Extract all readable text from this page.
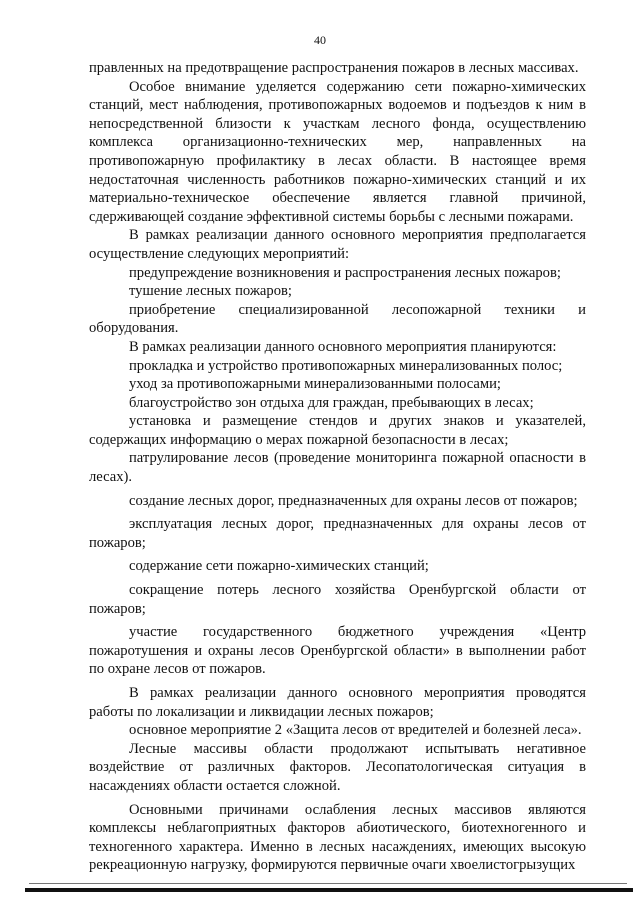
40

правленных на предотвращение распространения пожаров в лесных массивах.

Особое внимание уделяется содержанию сети пожарно-химических станций, мест наблюдения, противопожарных водоемов и подъездов к ним в непосредственной близости к участкам лесного фонда, осуществлению комплекса организационно-технических мер, направленных на противопожарную профилактику в лесах области. В настоящее время недостаточная численность работников пожарно-химических станций и их материально-техническое обеспечение является главной причиной, сдерживающей создание эффективной системы борьбы с лесными пожарами.

В рамках реализации данного основного мероприятия предполагается осуществление следующих мероприятий:

предупреждение возникновения и распространения лесных пожаров;

тушение лесных пожаров;

приобретение специализированной лесопожарной техники и оборудования.

В рамках реализации данного основного мероприятия планируются:

прокладка и устройство противопожарных минерализованных полос;

уход за противопожарными минерализованными полосами;

благоустройство зон отдыха для граждан, пребывающих в лесах;

установка и размещение стендов и других знаков и указателей, содержащих информацию о мерах пожарной безопасности в лесах;

патрулирование лесов (проведение мониторинга пожарной опасности в лесах).

создание лесных дорог, предназначенных для охраны лесов от пожаров;

эксплуатация лесных дорог, предназначенных для охраны лесов от пожаров;

содержание сети пожарно-химических станций;

сокращение потерь лесного хозяйства Оренбургской области от пожаров;

участие государственного бюджетного учреждения «Центр пожаротушения и охраны лесов Оренбургской области» в выполнении работ по охране лесов от пожаров.

В рамках реализации данного основного мероприятия проводятся работы по локализации и ликвидации лесных пожаров;

основное мероприятие 2 «Защита лесов от вредителей и болезней леса».

Лесные массивы области продолжают испытывать негативное воздействие от различных факторов. Лесопатологическая ситуация в насаждениях области остается сложной.

Основными причинами ослабления лесных массивов являются комплексы неблагоприятных факторов абиотического, биотехногенного и техногенного характера. Именно в лесных насаждениях, имеющих высокую рекреационную нагрузку, формируются первичные очаги хвоелистогрызущих
